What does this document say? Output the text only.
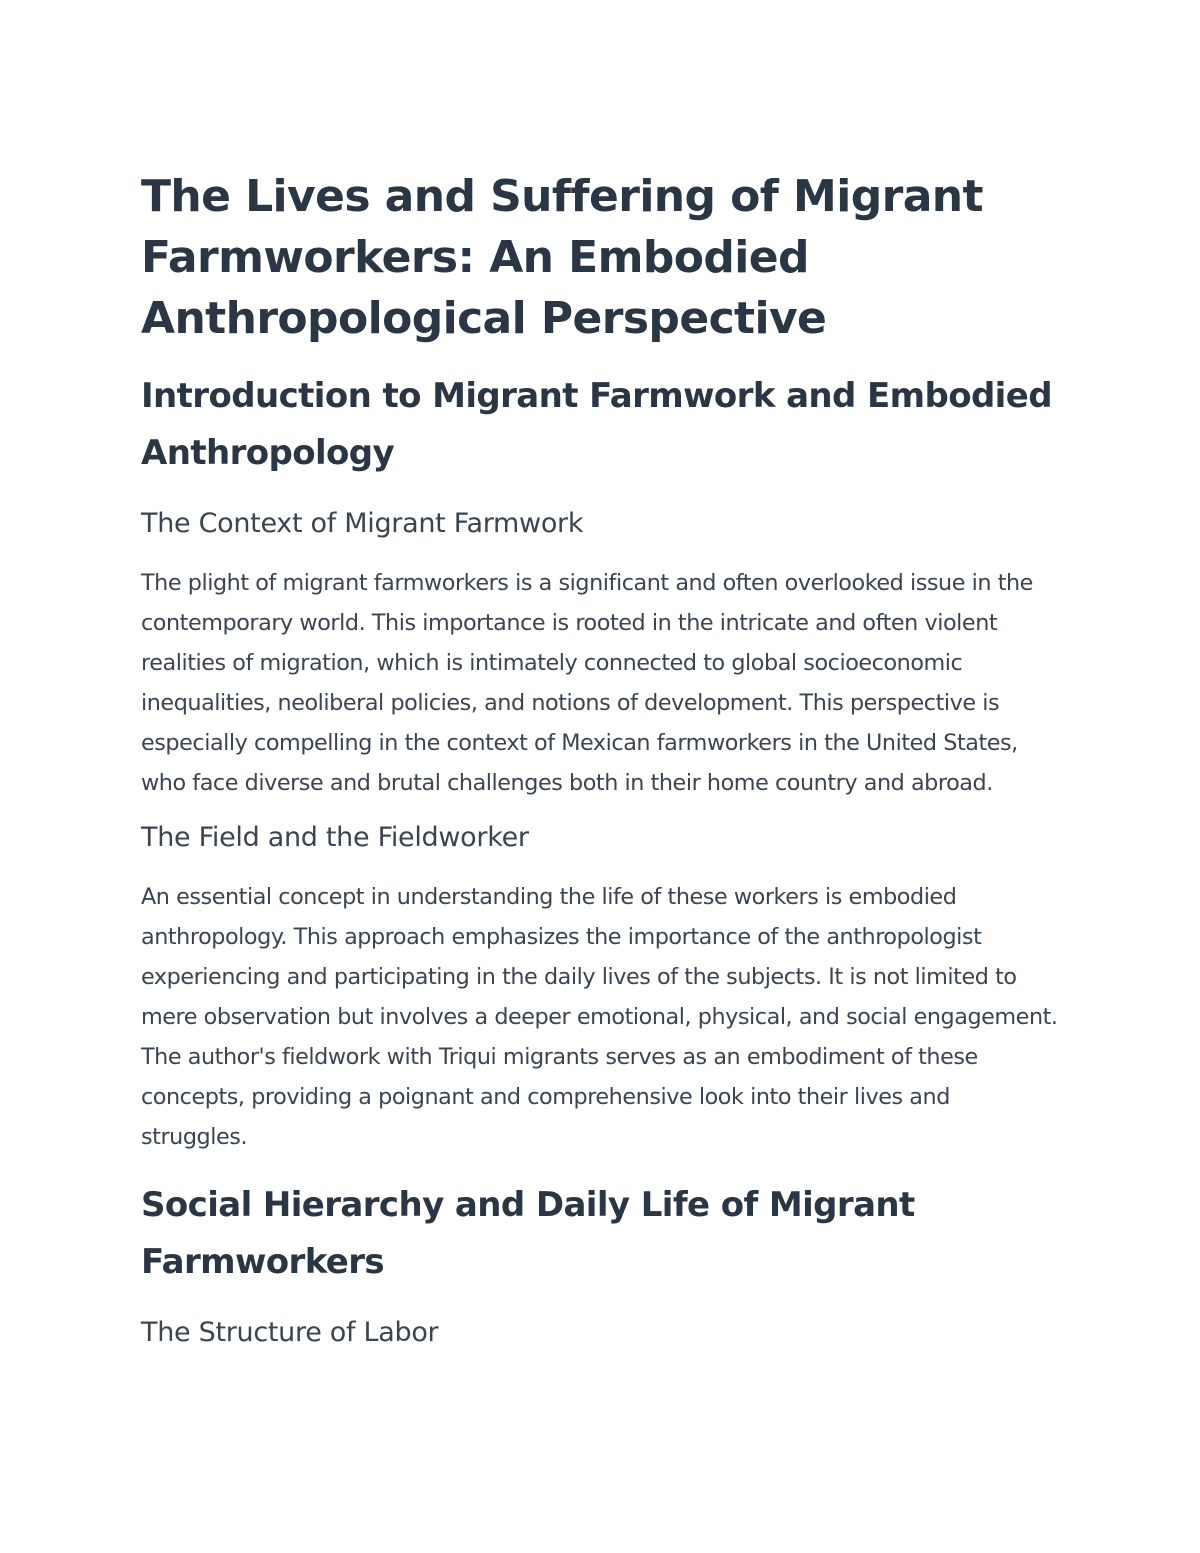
The Lives and Suffering of Migrant Farmworkers: An Embodied Anthropological Perspective
Introduction to Migrant Farmwork and Embodied Anthropology
The Context of Migrant Farmwork

The plight of migrant farmworkers is a significant and often overlooked issue in the contemporary world. This importance is rooted in the intricate and often violent realities of migration, which is intimately connected to global socioeconomic inequalities, neoliberal policies, and notions of development. This perspective is especially compelling in the context of Mexican farmworkers in the United States, who face diverse and brutal challenges both in their home country and abroad.

The Field and the Fieldworker

An essential concept in understanding the life of these workers is embodied anthropology. This approach emphasizes the importance of the anthropologist experiencing and participating in the daily lives of the subjects. It is not limited to mere observation but involves a deeper emotional, physical, and social engagement. The author's fieldwork with Triqui migrants serves as an embodiment of these concepts, providing a poignant and comprehensive look into their lives and struggles.

Social Hierarchy and Daily Life of Migrant Farmworkers
The Structure of Labor
